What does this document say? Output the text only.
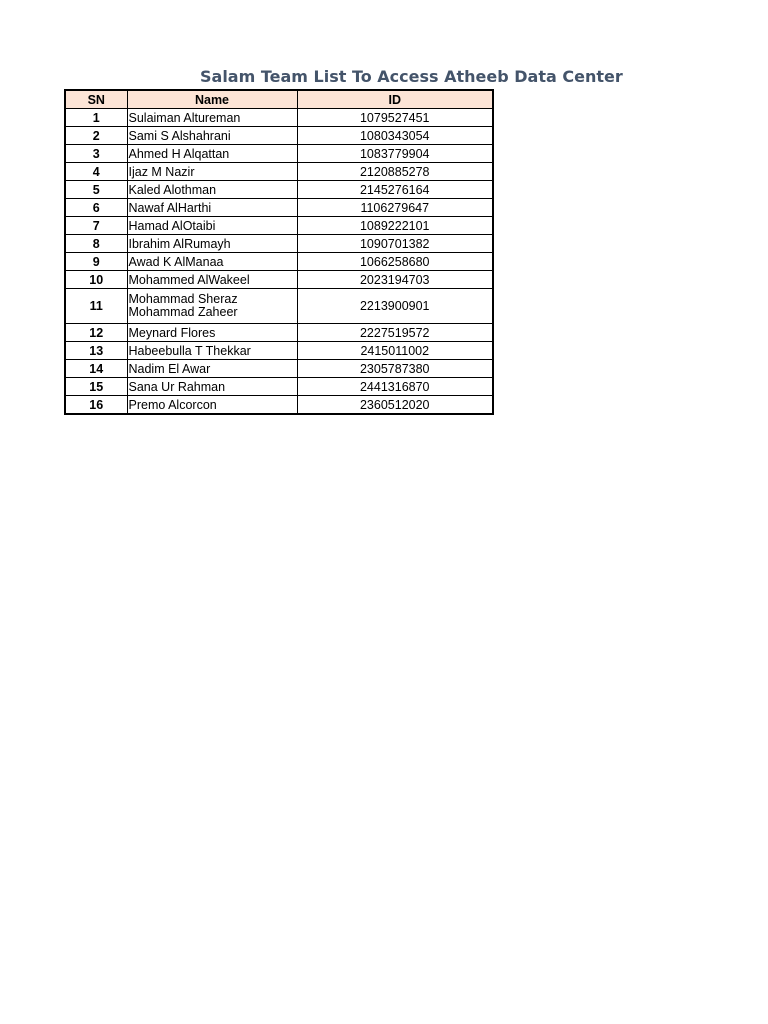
Salam Team List To Access Atheeb Data Center
SN	Name	ID
1	Sulaiman Altureman	1079527451
2	Sami S Alshahrani	1080343054
3	Ahmed H Alqattan	1083779904
4	Ijaz M Nazir	2120885278
5	Kaled Alothman	2145276164
6	Nawaf AlHarthi	1106279647
7	Hamad AlOtaibi	1089222101
8	Ibrahim AlRumayh	1090701382
9	Awad K AlManaa	1066258680
10	Mohammed AlWakeel	2023194703
11	Mohammad Sheraz Mohammad Zaheer	2213900901
12	Meynard Flores	2227519572
13	Habeebulla T Thekkar	2415011002
14	Nadim El Awar	2305787380
15	Sana Ur Rahman	2441316870
16	Premo Alcorcon	2360512020
